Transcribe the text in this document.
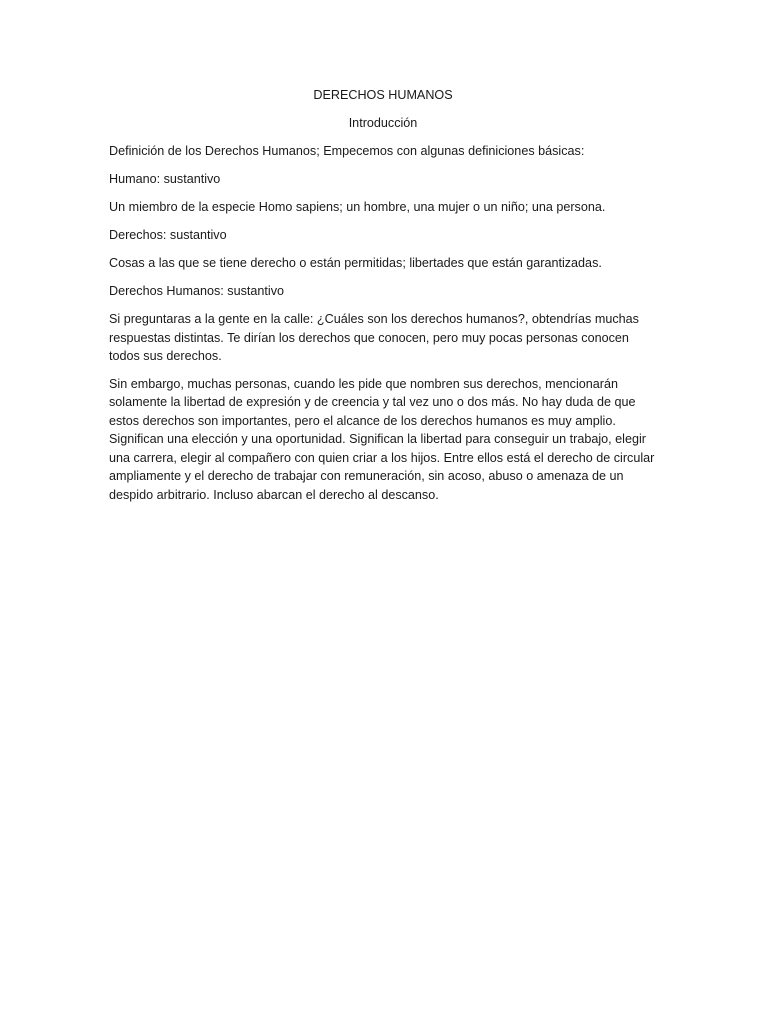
DERECHOS HUMANOS
Introducción

Definición de los Derechos Humanos; Empecemos con algunas definiciones básicas:

Humano: sustantivo

Un miembro de la especie Homo sapiens; un hombre, una mujer o un niño; una persona.

Derechos: sustantivo

Cosas a las que se tiene derecho o están permitidas; libertades que están garantizadas.

Derechos Humanos: sustantivo

Si preguntaras a la gente en la calle: ¿Cuáles son los derechos humanos?, obtendrías muchas respuestas distintas. Te dirían los derechos que conocen, pero muy pocas personas conocen todos sus derechos.

Sin embargo, muchas personas, cuando les pide que nombren sus derechos, mencionarán solamente la libertad de expresión y de creencia y tal vez uno o dos más. No hay duda de que estos derechos son importantes, pero el alcance de los derechos humanos es muy amplio. Significan una elección y una oportunidad. Significan la libertad para conseguir un trabajo, elegir una carrera, elegir al compañero con quien criar a los hijos. Entre ellos está el derecho de circular ampliamente y el derecho de trabajar con remuneración, sin acoso, abuso o amenaza de un despido arbitrario. Incluso abarcan el derecho al descanso.
